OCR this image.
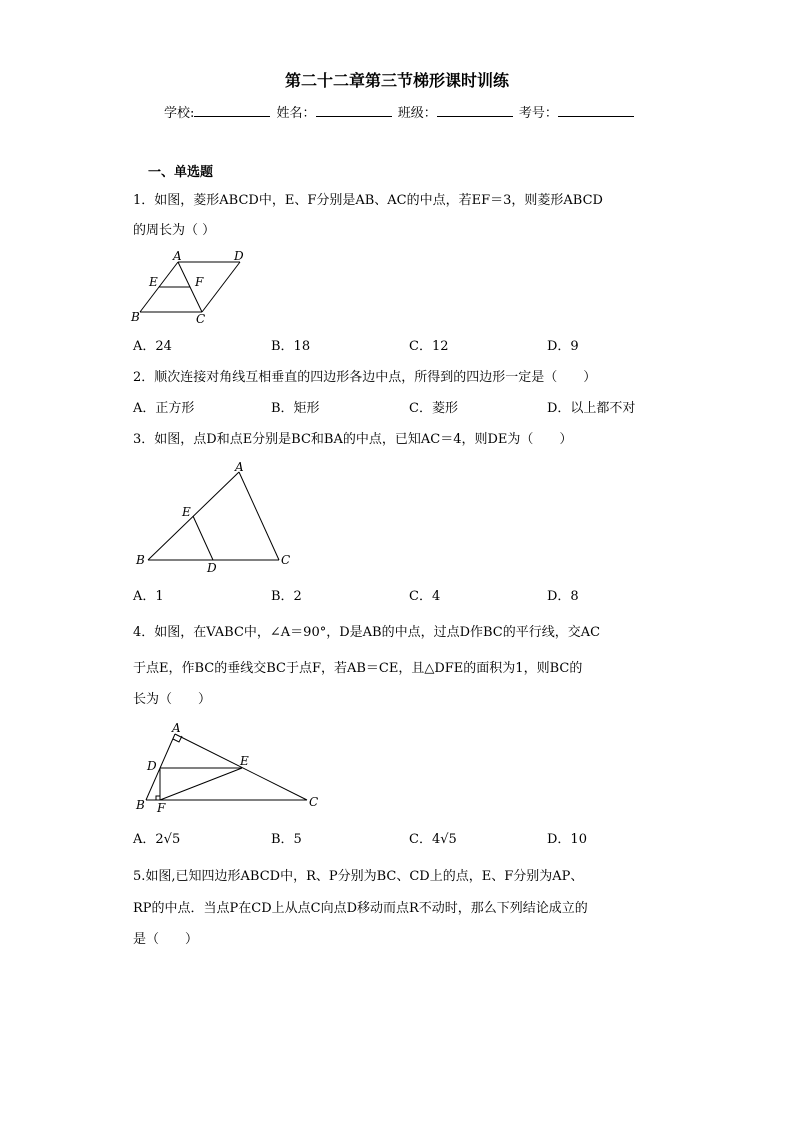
第二十二章第三节梯形课时训练
学校:	姓名：	班级：	考号：
一、单选题
1．如图，菱形ABCD中，E、F分别是AB、AC的中点，若EF＝3，则菱形ABCD
的周长为（ ）
A	D
E	F
B	C
A．24	B．18	C．12	D．9
2．顺次连接对角线互相垂直的四边形各边中点，所得到的四边形一定是（　　）
A．正方形	B．矩形	C．菱形	D．以上都不对
3．如图，点D和点E分别是BC和BA的中点，已知AC＝4，则DE为（　　）
A
E
B
D
C
A．1	B．2	C．4	D．8
4．如图，在VABC中，∠A＝90°，D是AB的中点，过点D作BC的平行线，交AC
于点E，作BC的垂线交BC于点F，若AB＝CE，且△DFE的面积为1，则BC的
长为（　　）
A
D	E
B F	C
A．2√5	B．5	C．4√5	D．10
5.如图,已知四边形ABCD中，R、P分别为BC、CD上的点，E、F分别为AP、
RP的中点．当点P在CD上从点C向点D移动而点R不动时，那么下列结论成立的
是（　　）
